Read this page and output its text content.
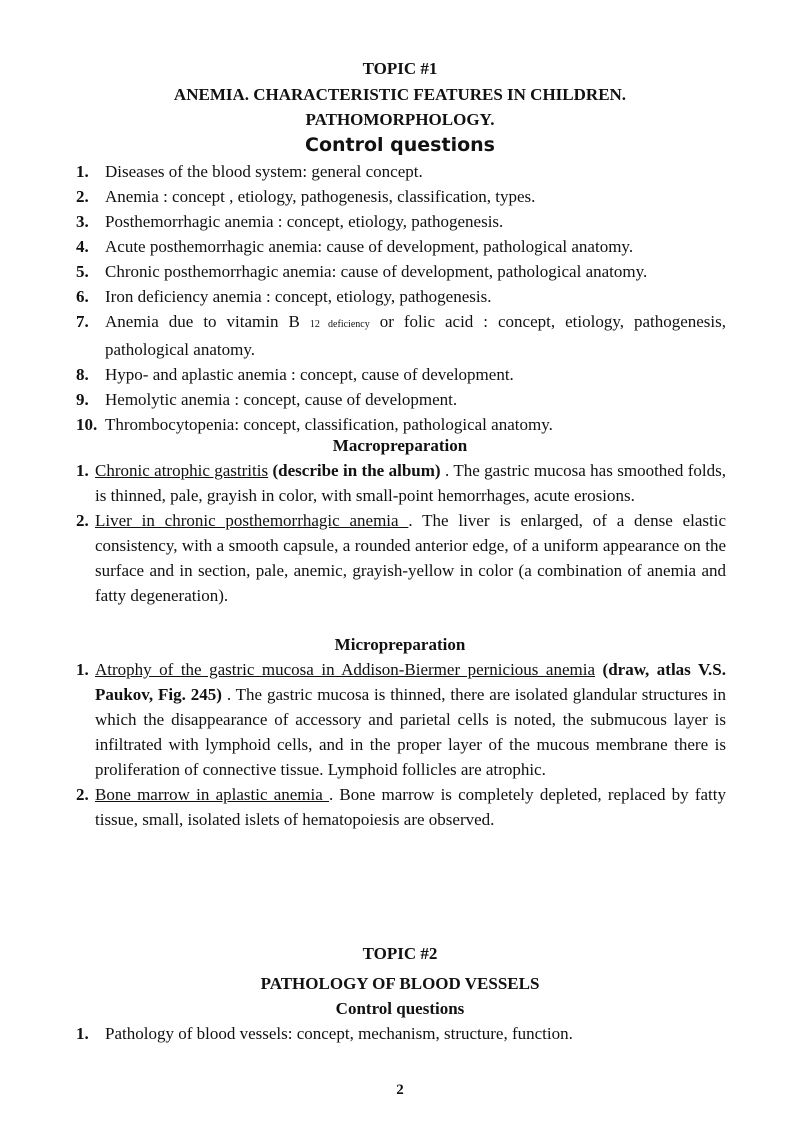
TOPIC #1
ANEMIA. CHARACTERISTIC FEATURES IN CHILDREN.
PATHOMORPHOLOGY.
Control questions
1. Diseases of the blood system: general concept.
2. Anemia : concept , etiology, pathogenesis, classification, types.
3. Posthemorrhagic anemia : concept, etiology, pathogenesis.
4. Acute posthemorrhagic anemia: cause of development, pathological anatomy.
5. Chronic posthemorrhagic anemia: cause of development, pathological anatomy.
6. Iron deficiency anemia : concept, etiology, pathogenesis.
7. Anemia due to vitamin B 12 deficiency or folic acid : concept, etiology, pathogenesis, pathological anatomy.
8. Hypo- and aplastic anemia : concept, cause of development.
9. Hemolytic anemia : concept, cause of development.
10. Thrombocytopenia: concept, classification, pathological anatomy.
Macropreparation
1. Chronic atrophic gastritis (describe in the album) . The gastric mucosa has smoothed folds, is thinned, pale, grayish in color, with small-point hemorrhages, acute erosions.
2. Liver in chronic posthemorrhagic anemia . The liver is enlarged, of a dense elastic consistency, with a smooth capsule, a rounded anterior edge, of a uniform appearance on the surface and in section, pale, anemic, grayish-yellow in color (a combination of anemia and fatty degeneration).
Micropreparation
1. Atrophy of the gastric mucosa in Addison-Biermer pernicious anemia (draw, atlas V.S. Paukov, Fig. 245) . The gastric mucosa is thinned, there are isolated glandular structures in which the disappearance of accessory and parietal cells is noted, the submucous layer is infiltrated with lymphoid cells, and in the proper layer of the mucous membrane there is proliferation of connective tissue. Lymphoid follicles are atrophic.
2. Bone marrow in aplastic anemia . Bone marrow is completely depleted, replaced by fatty tissue, small, isolated islets of hematopoiesis are observed.
TOPIC #2
PATHOLOGY OF BLOOD VESSELS
Control questions
1. Pathology of blood vessels: concept, mechanism, structure, function.
2
